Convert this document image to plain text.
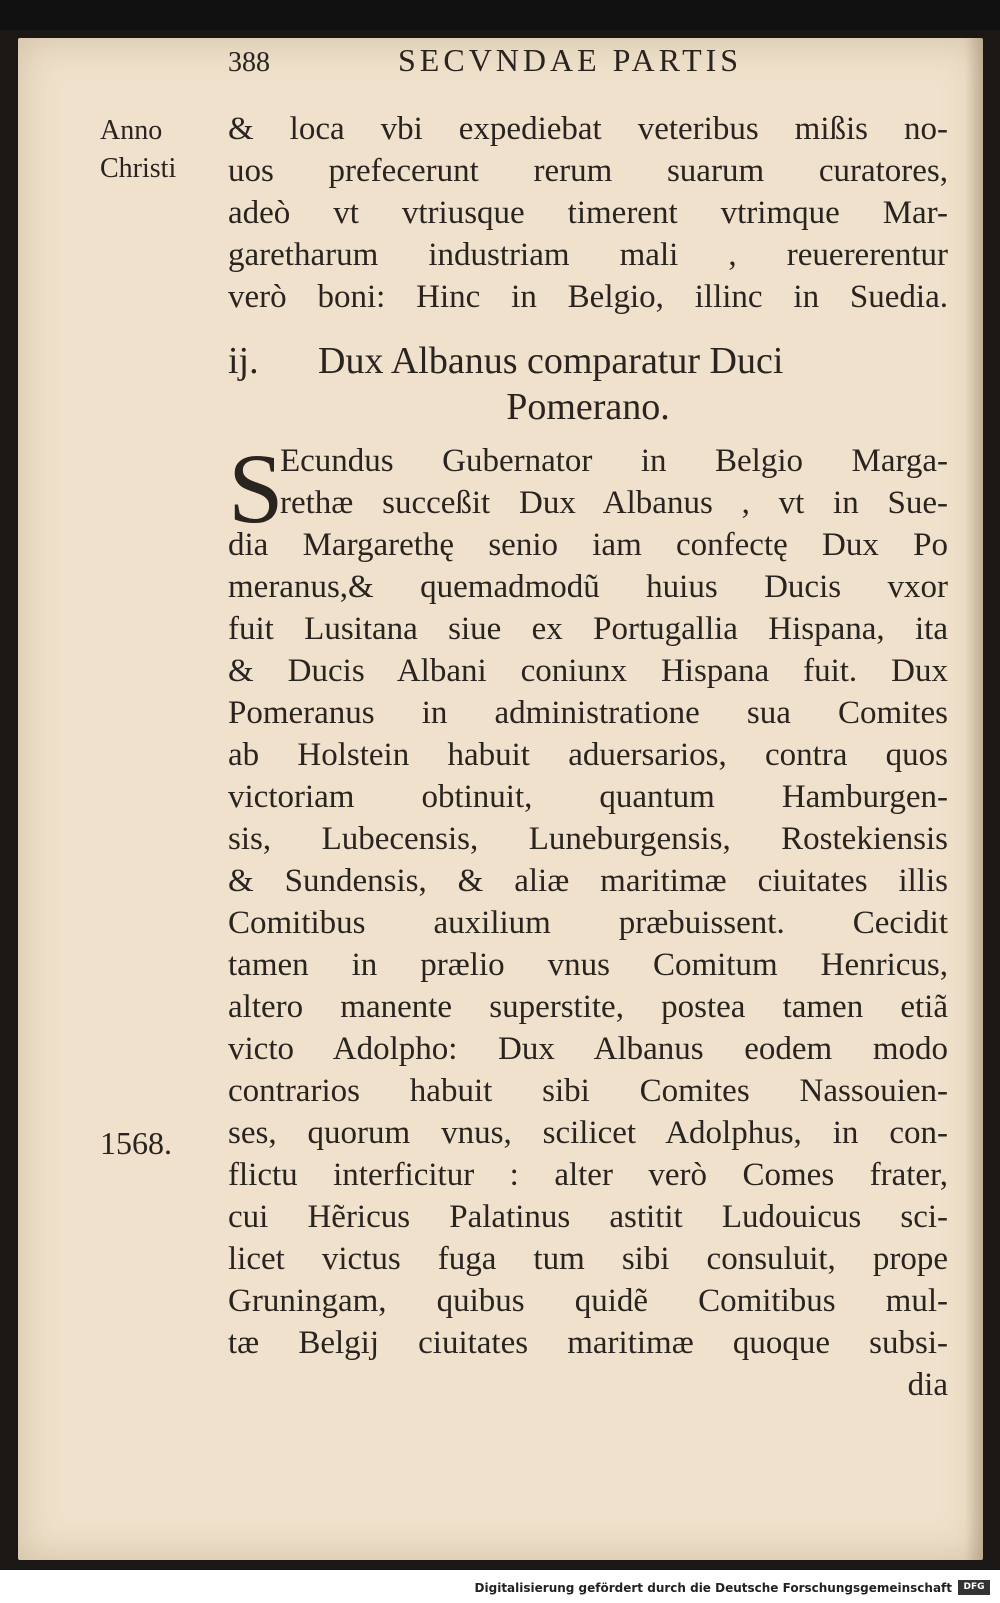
388	SECVNDAE PARTIS
Anno
Christi
1568.
& loca vbi expediebat veteribus mißis no-
uos prefecerunt rerum suarum curatores,
adeò vt vtriusque timerent vtrimque Mar-
garetharum industriam mali , reuererentur
verò boni: Hinc in Belgio, illinc in Suedia.
ij. Dux Albanus comparatur Duci
Pomerano.
S
Ecundus Gubernator in Belgio Marga-
rethæ succeßit Dux Albanus , vt in Sue-
dia Margarethę senio iam confectę Dux Po
meranus,& quemadmodũ huius Ducis vxor
fuit Lusitana siue ex Portugallia Hispana, ita
& Ducis Albani coniunx Hispana fuit. Dux
Pomeranus in administratione sua Comites
ab Holstein habuit aduersarios, contra quos
victoriam obtinuit, quantum Hamburgen-
sis, Lubecensis, Luneburgensis, Rostekiensis
& Sundensis, & aliæ maritimæ ciuitates illis
Comitibus auxilium præbuissent. Cecidit
tamen in prælio vnus Comitum Henricus,
altero manente superstite, postea tamen etiã
victo Adolpho: Dux Albanus eodem modo
contrarios habuit sibi Comites Nassouien-
ses, quorum vnus, scilicet Adolphus, in con-
flictu interficitur : alter verò Comes frater,
cui Hẽricus Palatinus astitit Ludouicus sci-
licet victus fuga tum sibi consuluit, prope
Gruningam, quibus quidẽ Comitibus mul-
tæ Belgij ciuitates maritimæ quoque subsi-
dia
Digitalisierung gefördert durch die Deutsche Forschungsgemeinschaft	DFG
